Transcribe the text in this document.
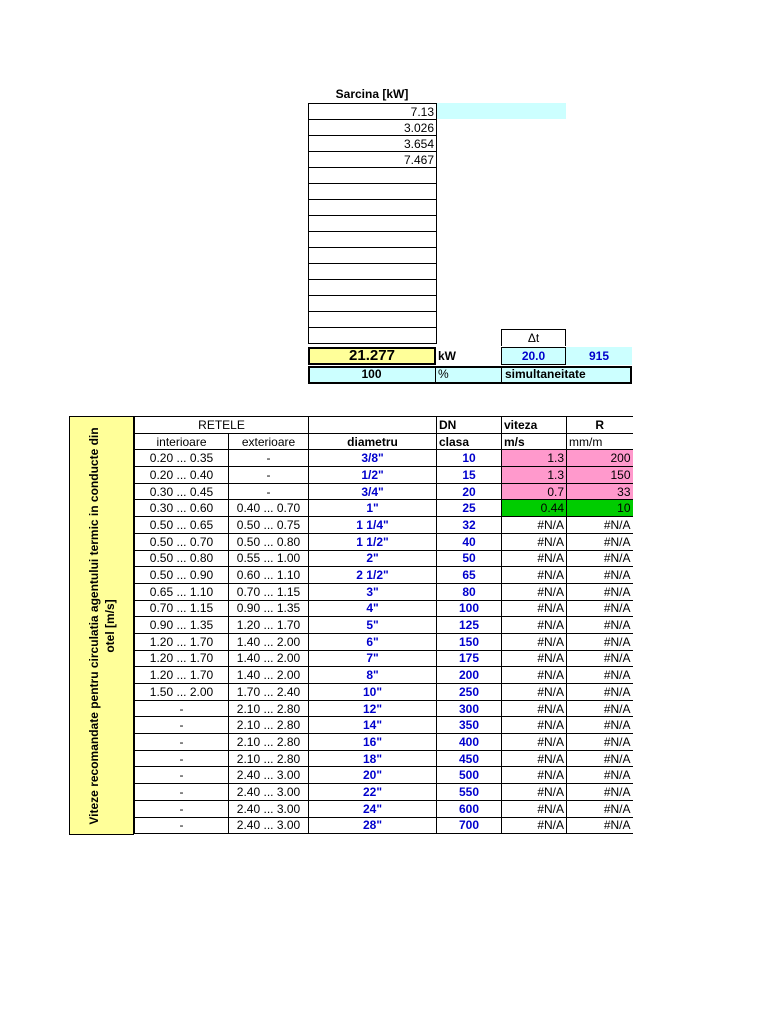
Sarcina [kW]
7.13
3.026
3.654
7.467

Δt
21.277	kW	20.0	915
100	%	simultaneitate
Viteze recomandate pentru circulatia agentului termic in conducte din otel [m/s]
RETELE			DN	viteza	R
interioare	exterioare	diametru	clasa	m/s	mm/m
0.20 ... 0.35	-	3/8"	10	1.3	200
0.20 ... 0.40	-	1/2"	15	1.3	150
0.30 ... 0.45	-	3/4"	20	0.7	33
0.30 ... 0.60	0.40 ... 0.70	1"	25	0.44	10
0.50 ... 0.65	0.50 ... 0.75	1 1/4"	32	#N/A	#N/A
0.50 ... 0.70	0.50 ... 0.80	1 1/2"	40	#N/A	#N/A
0.50 ... 0.80	0.55 ... 1.00	2"	50	#N/A	#N/A
0.50 ... 0.90	0.60 ... 1.10	2 1/2"	65	#N/A	#N/A
0.65 ... 1.10	0.70 ... 1.15	3"	80	#N/A	#N/A
0.70 ... 1.15	0.90 ... 1.35	4"	100	#N/A	#N/A
0.90 ... 1.35	1.20 ... 1.70	5"	125	#N/A	#N/A
1.20 ... 1.70	1.40 ... 2.00	6"	150	#N/A	#N/A
1.20 ... 1.70	1.40 ... 2.00	7"	175	#N/A	#N/A
1.20 ... 1.70	1.40 ... 2.00	8"	200	#N/A	#N/A
1.50 ... 2.00	1.70 ... 2.40	10"	250	#N/A	#N/A
-	2.10 ... 2.80	12"	300	#N/A	#N/A
-	2.10 ... 2.80	14"	350	#N/A	#N/A
-	2.10 ... 2.80	16"	400	#N/A	#N/A
-	2.10 ... 2.80	18"	450	#N/A	#N/A
-	2.40 ... 3.00	20"	500	#N/A	#N/A
-	2.40 ... 3.00	22"	550	#N/A	#N/A
-	2.40 ... 3.00	24"	600	#N/A	#N/A
-	2.40 ... 3.00	28"	700	#N/A	#N/A
